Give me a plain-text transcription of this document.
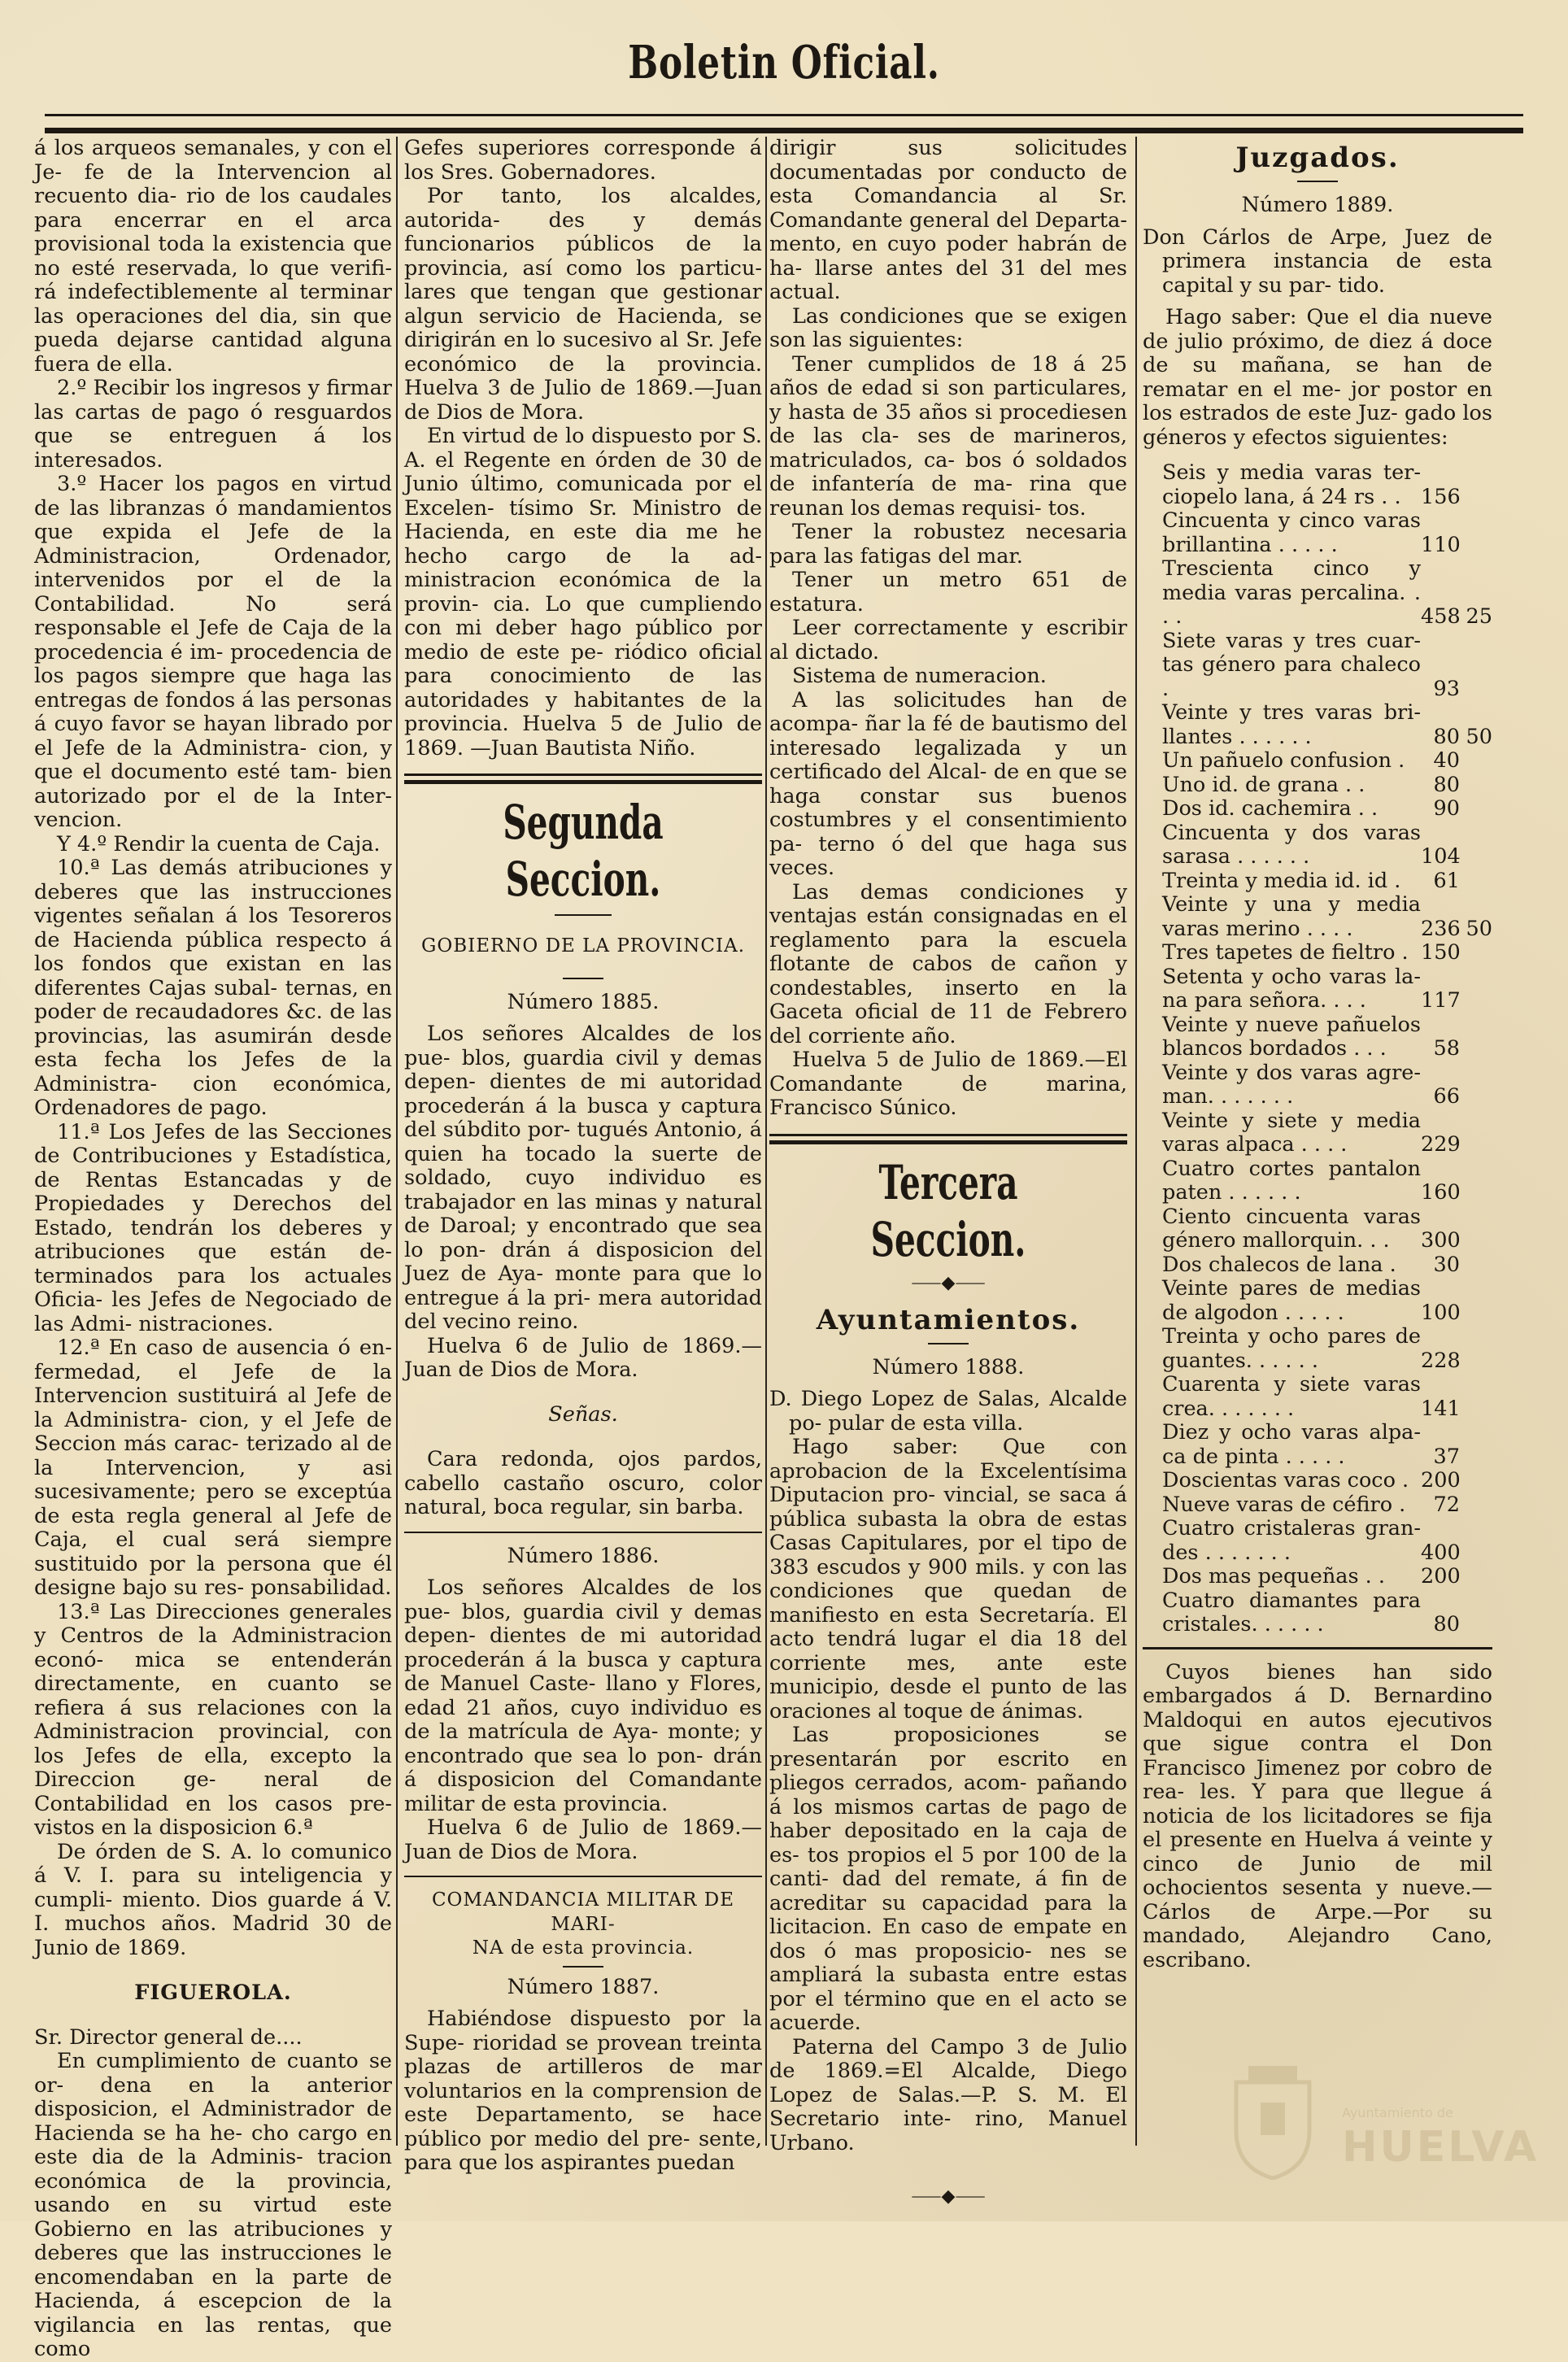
Boletin Oficial.

á los arqueos semanales, y con el Je- fe de la Intervencion al recuento dia- rio de los caudales para encerrar en el arca provisional toda la existencia que no esté reservada, lo que verifi- rá indefectiblemente al terminar las operaciones del dia, sin que pueda dejarse cantidad alguna fuera de ella.

2.º Recibir los ingresos y firmar las cartas de pago ó resguardos que se entreguen á los interesados.

3.º Hacer los pagos en virtud de las libranzas ó mandamientos que expida el Jefe de la Administracion, Ordenador, intervenidos por el de la Contabilidad. No será responsable el Jefe de Caja de la procedencia é im- procedencia de los pagos siempre que haga las entregas de fondos á las personas á cuyo favor se hayan librado por el Jefe de la Administra- cion, y que el documento esté tam- bien autorizado por el de la Inter- vencion.

Y 4.º Rendir la cuenta de Caja.

10.ª Las demás atribuciones y deberes que las instrucciones vigentes señalan á los Tesoreros de Hacienda pública respecto á los fondos que existan en las diferentes Cajas subal- ternas, en poder de recaudadores &c. de las provincias, las asumirán desde esta fecha los Jefes de la Administra- cion económica, Ordenadores de pago.

11.ª Los Jefes de las Secciones de Contribuciones y Estadística, de Rentas Estancadas y de Propiedades y Derechos del Estado, tendrán los deberes y atribuciones que están de- terminados para los actuales Oficia- les Jefes de Negociado de las Admi- nistraciones.

12.ª En caso de ausencia ó en- fermedad, el Jefe de la Intervencion sustituirá al Jefe de la Administra- cion, y el Jefe de Seccion más carac- terizado al de la Intervencion, y asi sucesivamente; pero se exceptúa de esta regla general al Jefe de Caja, el cual será siempre sustituido por la persona que él designe bajo su res- ponsabilidad.

13.ª Las Direcciones generales y Centros de la Administracion econó- mica se entenderán directamente, en cuanto se refiera á sus relaciones con la Administracion provincial, con los Jefes de ella, excepto la Direccion ge- neral de Contabilidad en los casos pre- vistos en la disposicion 6.ª

De órden de S. A. lo comunico á V. I. para su inteligencia y cumpli- miento. Dios guarde á V. I. muchos años. Madrid 30 de Junio de 1869.

FIGUEROLA.

Sr. Director general de....

En cumplimiento de cuanto se or- dena en la anterior disposicion, el Administrador de Hacienda se ha he- cho cargo en este dia de la Adminis- tracion económica de la provincia, usando en su virtud este Gobierno en las atribuciones y deberes que las instrucciones le encomendaban en la parte de Hacienda, á escepcion de la vigilancia en las rentas, que como

Gefes superiores corresponde á los Sres. Gobernadores.

Por tanto, los alcaldes, autorida- des y demás funcionarios públicos de la provincia, así como los particu- lares que tengan que gestionar algun servicio de Hacienda, se dirigirán en lo sucesivo al Sr. Jefe económico de la provincia. Huelva 3 de Julio de 1869.—Juan de Dios de Mora.

En virtud de lo dispuesto por S. A. el Regente en órden de 30 de Junio último, comunicada por el Excelen- tísimo Sr. Ministro de Hacienda, en este dia me he hecho cargo de la ad- ministracion económica de la provin- cia. Lo que cumpliendo con mi deber hago público por medio de este pe- riódico oficial para conocimiento de las autoridades y habitantes de la provincia. Huelva 5 de Julio de 1869. —Juan Bautista Niño.

Segunda Seccion.

GOBIERNO DE LA PROVINCIA.

Número 1885.

Los señores Alcaldes de los pue- blos, guardia civil y demas depen- dientes de mi autoridad procederán á la busca y captura del súbdito por- tugués Antonio, á quien ha tocado la suerte de soldado, cuyo individuo es trabajador en las minas y natural de Daroal; y encontrado que sea lo pon- drán á disposicion del Juez de Aya- monte para que lo entregue á la pri- mera autoridad del vecino reino.

Huelva 6 de Julio de 1869.—Juan de Dios de Mora.

Señas.

Cara redonda, ojos pardos, cabello castaño oscuro, color natural, boca regular, sin barba.

Número 1886.

Los señores Alcaldes de los pue- blos, guardia civil y demas depen- dientes de mi autoridad procederán á la busca y captura de Manuel Caste- llano y Flores, edad 21 años, cuyo individuo es de la matrícula de Aya- monte; y encontrado que sea lo pon- drán á disposicion del Comandante militar de esta provincia.

Huelva 6 de Julio de 1869.—Juan de Dios de Mora.

COMANDANCIA MILITAR DE MARI-

NA de esta provincia.

Número 1887.

Habiéndose dispuesto por la Supe- rioridad se provean treinta plazas de artilleros de mar voluntarios en la comprension de este Departamento, se hace público por medio del pre- sente, para que los aspirantes puedan

dirigir sus solicitudes documentadas por conducto de esta Comandancia al Sr. Comandante general del Departa- mento, en cuyo poder habrán de ha- llarse antes del 31 del mes actual.

Las condiciones que se exigen son las siguientes:

Tener cumplidos de 18 á 25 años de edad si son particulares, y hasta de 35 años si procediesen de las cla- ses de marineros, matriculados, ca- bos ó soldados de infantería de ma- rina que reunan los demas requisi- tos.

Tener la robustez necesaria para las fatigas del mar.

Tener un metro 651 de estatura.

Leer correctamente y escribir al dictado.

Sistema de numeracion.

A las solicitudes han de acompa- ñar la fé de bautismo del interesado legalizada y un certificado del Alcal- de en que se haga constar sus buenos costumbres y el consentimiento pa- terno ó del que haga sus veces.

Las demas condiciones y ventajas están consignadas en el reglamento para la escuela flotante de cabos de cañon y condestables, inserto en la Gaceta oficial de 11 de Febrero del corriente año.

Huelva 5 de Julio de 1869.—El Comandante de marina, Francisco Súnico.

Tercera Seccion.
⸺◆⸺
Ayuntamientos.

Número 1888.

D. Diego Lopez de Salas, Alcalde po- pular de esta villa.

Hago saber: Que con aprobacion de la Excelentísima Diputacion pro- vincial, se saca á pública subasta la obra de estas Casas Capitulares, por el tipo de 383 escudos y 900 mils. y con las condiciones que quedan de manifiesto en esta Secretaría. El acto tendrá lugar el dia 18 del corriente mes, ante este municipio, desde el punto de las oraciones al toque de ánimas.

Las proposiciones se presentarán por escrito en pliegos cerrados, acom- pañando á los mismos cartas de pago de haber depositado en la caja de es- tos propios el 5 por 100 de la canti- dad del remate, á fin de acreditar su capacidad para la licitacion. En caso de empate en dos ó mas proposicio- nes se ampliará la subasta entre estas por el término que en el acto se acuerde.

Paterna del Campo 3 de Julio de 1869.=El Alcalde, Diego Lopez de Salas.—P. S. M. El Secretario inte- rino, Manuel Urbano.

⸺◆⸺
Juzgados.

Número 1889.

Don Cárlos de Arpe, Juez de primera instancia de esta capital y su par- tido.

Hago saber: Que el dia nueve de julio próximo, de diez á doce de su mañana, se han de rematar en el me- jor postor en los estrados de este Juz- gado los géneros y efectos siguientes:

Seis y media varas ter- ciopelo lana, á 24 rs . . 156
Cincuenta y cinco varas brillantina . . . . .	110
Trescienta cinco y media varas percalina. . . .	458 25
Siete varas y tres cuar- tas género para chaleco .	93
Veinte y tres varas bri- llantes . . . . . .	80 50
Un pañuelo confusion .	40
Uno id. de grana . .	80
Dos id. cachemira . .	90
Cincuenta y dos varas sarasa . . . . . .	104
Treinta y media id. id .	61
Veinte y una y media varas merino . . . .	236 50
Tres tapetes de fieltro . 150
Setenta y ocho varas la- na para señora. . . .	117
Veinte y nueve pañuelos blancos bordados . . .	58
Veinte y dos varas agre- man. . . . . . .	66
Veinte y siete y media varas alpaca . . . .	229
Cuatro cortes pantalon paten . . . . . .	160
Ciento cincuenta varas género mallorquin. . .	300
Dos chalecos de lana .	30
Veinte pares de medias de algodon . . . . .	100
Treinta y ocho pares de guantes. . . . . .	228
Cuarenta y siete varas crea. . . . . . .	141
Diez y ocho varas alpa- ca de pinta . . . . .	37
Doscientas varas coco . 200
Nueve varas de céfiro .	72
Cuatro cristaleras gran- des . . . . . . .	400
Dos mas pequeñas . .	200
Cuatro diamantes para cristales. . . . . .	80

Cuyos bienes han sido embargados á D. Bernardino Maldoqui en autos ejecutivos que sigue contra el Don Francisco Jimenez por cobro de rea- les. Y para que llegue á noticia de los licitadores se fija el presente en Huelva á veinte y cinco de Junio de mil ochocientos sesenta y nueve.— Cárlos de Arpe.—Por su mandado, Alejandro Cano, escribano.

Ayuntamiento de
HUELVA
